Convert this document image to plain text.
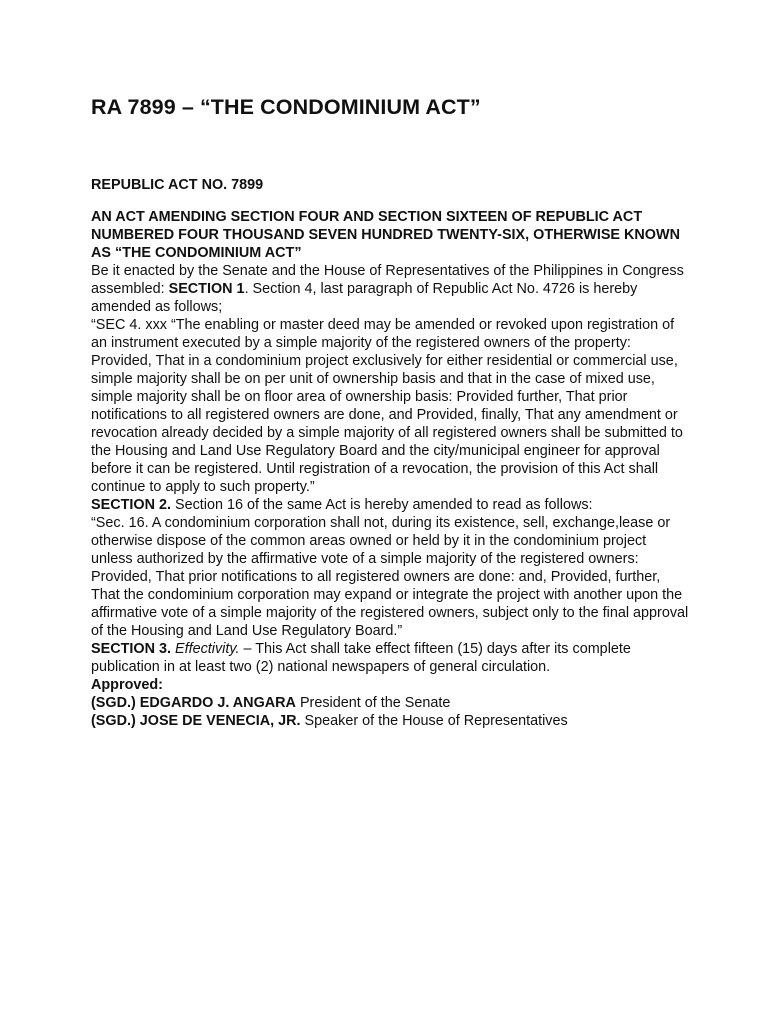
RA 7899 – “THE CONDOMINIUM ACT”
REPUBLIC ACT NO. 7899
AN ACT AMENDING SECTION FOUR AND SECTION SIXTEEN OF REPUBLIC ACT NUMBERED FOUR THOUSAND SEVEN HUNDRED TWENTY-SIX, OTHERWISE KNOWN AS “THE CONDOMINIUM ACT”

Be it enacted by the Senate and the House of Representatives of the Philippines in Congress assembled: SECTION 1. Section 4, last paragraph of Republic Act No. 4726 is hereby amended as follows;

“SEC 4. xxx “The enabling or master deed may be amended or revoked upon registration of an instrument executed by a simple majority of the registered owners of the property: Provided, That in a condominium project exclusively for either residential or commercial use, simple majority shall be on per unit of ownership basis and that in the case of mixed use, simple majority shall be on floor area of ownership basis: Provided further, That prior notifications to all registered owners are done, and Provided, finally, That any amendment or revocation already decided by a simple majority of all registered owners shall be submitted to the Housing and Land Use Regulatory Board and the city/municipal engineer for approval before it can be registered. Until registration of a revocation, the provision of this Act shall continue to apply to such property.”

SECTION 2. Section 16 of the same Act is hereby amended to read as follows:

“Sec. 16. A condominium corporation shall not, during its existence, sell, exchange,lease or otherwise dispose of the common areas owned or held by it in the condominium project unless authorized by the affirmative vote of a simple majority of the registered owners: Provided, That prior notifications to all registered owners are done: and, Provided, further, That the condominium corporation may expand or integrate the project with another upon the affirmative vote of a simple majority of the registered owners, subject only to the final approval of the Housing and Land Use Regulatory Board.”

SECTION 3. Effectivity. – This Act shall take effect fifteen (15) days after its complete publication in at least two (2) national newspapers of general circulation.

Approved:

(SGD.) EDGARDO J. ANGARA President of the Senate

(SGD.) JOSE DE VENECIA, JR. Speaker of the House of Representatives
